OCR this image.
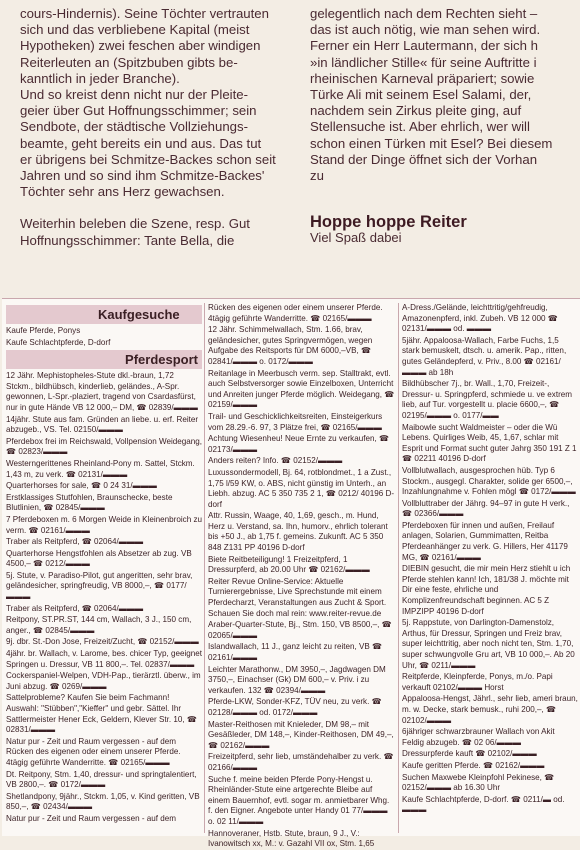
cours-Hindernis). Seine Töchter vertrauten

sich und das verbliebene Kapital (meist

Hypotheken) zwei feschen aber windigen

Reiterleuten an (Spitzbuben gibts be-

kanntlich in jeder Branche).

Und so kreist denn nicht nur der Pleite-

geier über Gut Hoffnungsschimmer; sein

Sendbote, der städtische Vollziehungs-

beamte, geht bereits ein und aus. Das tut

er übrigens bei Schmitze-Backes schon seit

Jahren und so sind ihm Schmitze-Backes'

Töchter sehr ans Herz gewachsen.

Weiterhin beleben die Szene, resp. Gut

Hoffnungsschimmer: Tante Bella, die

gelegentlich nach dem Rechten sieht –

das ist auch nötig, wie man sehen wird.

Ferner ein Herr Lautermann, der sich h

»in ländlicher Stille« für seine Auftritte i

rheinischen Karneval präpariert; sowie

Türke Ali mit seinem Esel Salami, der,

nachdem sein Zirkus pleite ging, auf

Stellensuche ist. Aber ehrlich, wer will

schon einen Türken mit Esel? Bei diesem

Stand der Dinge öffnet sich der Vorhan

zu

Hoppe hoppe Reiter

Viel Spaß dabei

Kaufgesuche
Kaufe Pferde, Ponys
Kaufe Schlachtpferde, D-dorf
Pferdesport
12 Jähr. Mephistopheles-Stute dkl.-braun, 1,72 Stckm., bildhübsch, kinderlieb, geländes., A-Spr. gewonnen, L-Spr.-plaziert, tragend von Csardasfürst, nur in gute Hände VB 12 000,– DM, ☎ 02839/▬▬▬
14jähr. Stute aus fam. Gründen an liebe. u. erf. Reiter abzugeb., VS. Tel. 02150/▬▬▬
Pferdebox frei im Reichswald, Vollpension Weidegang, ☎ 02823/▬▬▬
Westerngerittenes Rheinland-Pony m. Sattel, Stckm. 1,43 m, zu verk. ☎ 02131/▬▬▬
Quarterhorses for sale, ☎ 0 24 31/▬▬▬
Erstklassiges Stutfohlen, Braunschecke, beste Blutlinien, ☎ 02845/▬▬▬
7 Pferdeboxen m. 6 Morgen Weide in Kleinenbroich zu verm. ☎ 02161/▬▬▬
Traber als Reitpferd, ☎ 02064/▬▬▬
Quarterhorse Hengstfohlen als Absetzer ab zug. VB 4500,– ☎ 0212/▬▬▬
5j. Stute, v. Paradiso-Pilot, gut angeritten, sehr brav, geländesicher, springfreudig, VB 8000,–, ☎ 0177/▬▬▬
Traber als Reitpferd, ☎ 02064/▬▬▬
Reitpony, ST.PR.ST, 144 cm, Wallach, 3 J., 150 cm, anger., ☎ 02845/▬▬▬
9j. dbr. St.-Don Jose, Freizeit/Zucht, ☎ 02152/▬▬▬
4jähr. br. Wallach, v. Larome, bes. chicer Typ, geeignet Springen u. Dressur, VB 11 800,–. Tel. 02837/▬▬▬
Cockerspaniel-Welpen, VDH-Pap., tierärztl. überw., im Juni abzug. ☎ 0269/▬▬▬
Sattelprobleme? Kaufen Sie beim Fachmann! Auswahl: "Stübben","Kieffer" und gebr. Sättel. Ihr Sattlermeister Hener Eck, Geldern, Klever Str. 10, ☎ 02831/▬▬▬
Natur pur - Zeit und Raum vergessen - auf dem Rücken des eigenen oder einem unserer Pferde. 4tägig geführte Wanderritte. ☎ 02165/▬▬▬
Dt. Reitpony, Stm. 1,40, dressur- und springtalentiert, VB 2800,–. ☎ 0172/▬▬▬
Shetlandpony, 9jähr., Stckm. 1,05, v. Kind geritten, VB 850,–, ☎ 02434/▬▬▬
Natur pur - Zeit und Raum vergessen - auf dem
Rücken des eigenen oder einem unserer Pferde. 4tägig geführte Wanderritte. ☎ 02165/▬▬▬
12 Jähr. Schimmelwallach, Stm. 1.66, brav, geländesicher, gutes Springvermögen, wegen Aufgabe des Reitsports für DM 6000,–VB, ☎ 02841/▬▬▬ o. 0172/▬▬▬
Reitanlage in Meerbusch verm. sep. Stalltrakt, evtl. auch Selbstversorger sowie Einzelboxen, Unterricht und Anreiten junger Pferde möglich. Weidegang, ☎ 02159/▬▬▬
Trail- und Geschicklichkeitsreiten, Einsteigerkurs vom 28.29.-6. 97, 3 Plätze frei, ☎ 02165/▬▬▬
Achtung Wiesenheu! Neue Ernte zu verkaufen, ☎ 02173/▬▬▬
Anders reiten? Info. ☎ 02152/▬▬▬
Luxussondermodell, Bj. 64, rotblondmet., 1 a Zust., 1,75 l/59 KW, o. ABS, nicht günstig im Unterh., an Liebh. abzug. AC 5 350 735 2 1, ☎ 0212/ 40196 D-dorf
Attr. Russin, Waage, 40, 1,69, gesch., m. Hund, Herz u. Verstand, sa. Ihn, humorv., ehrlich tolerant bis +50 J., ab 1,75 f. gemeins. Zukunft. AC 5 350 848 Z131 PP 40196 D-dorf
Biete Reitbeteiligung! 1 Freizeitpferd, 1 Dressurpferd, ab 20.00 Uhr ☎ 02162/▬▬▬
Reiter Revue Online-Service: Aktuelle Turnierergebnisse, Live Sprechstunde mit einem Pferdecharzt, Veranstaltungen aus Zucht & Sport. Schauen Sie doch mal rein: www.reiter-revue.de
Araber-Quarter-Stute, Bj., Stm. 150, VB 8500,–, ☎ 02065/▬▬▬
Islandwallach, 11 J., ganz leicht zu reiten, VB ☎ 02161/▬▬▬
Leichter Marathonw., DM 3950,–, Jagdwagen DM 3750,–, Einachser (Gk) DM 600,– v. Priv. i zu verkaufen. 132 ☎ 02394/▬▬▬
Pferde-LKW, Sonder-KFZ, TÜV neu, zu verk. ☎ 02128/▬▬▬ od. 0172/▬▬▬
Master-Reithosen mit Knieleder, DM 98,– mit Gesäßleder, DM 148,–, Kinder-Reithosen, DM 49,–, ☎ 02162/▬▬▬
Freizeitpferd, sehr lieb, umständehalber zu verk. ☎ 02166/▬▬▬
Suche f. meine beiden Pferde Pony-Hengst u. Rheinländer-Stute eine artgerechte Bleibe auf einem Bauernhof, evtl. sogar m. anmietbarer Whg. f. den Eigner. Angebote unter Handy 01 77/▬▬▬ o. 02 11/▬▬▬
Hannoveraner, Hstb. Stute, braun, 9 J., V.: Ivanowitsch xx, M.: v. Gazahl VII ox, Stm. 1,65
A-Dress./Gelände, leichttritig/gehfreudig, Amazonenpferd, inkl. Zubeh. VB 12 000 ☎ 02131/▬▬▬ od. ▬▬▬
5jähr. Appaloosa-Wallach, Farbe Fuchs, 1,5 stark bemuskelt, dtsch. u. amerik. Pap., ritten, gutes Geländepferd, v. Priv., 8.00 ☎ 02161/▬▬▬ ab 18h
Bildhübscher 7j., br. Wall., 1,70, Freizeit-, Dressur- u. Springpferd, schmiede u. ve extrem lieb, auf Tur. vorgestellt u. placie 6600,–, ☎ 02195/▬▬▬ o. 0177/▬▬
Maibowle sucht Waldmeister – oder die Wü Lebens. Quirliges Weib, 45, 1,67, schlar mit Esprit und Format sucht guter Jahrg 350 191 Z 1 ☎ 02211 40196 D-dorf
Vollblutwallach, ausgesprochen hüb. Typ 6 Stockm., ausgegl. Charakter, solide ger 6500,–, Inzahlungnahme v. Fohlen mögl ☎ 0172/▬▬▬
Vollbluttraber der Jährg. 94–97 in gute H verk., ☎ 02366/▬▬▬
Pferdeboxen für innen und außen, Freilauf anlagen, Solarien, Gummimatten, Reitba Pferdeanhänger zu verk. G. Hillers, Her 41179 MG, ☎ 02161/▬▬▬
DIEBIN gesucht, die mir mein Herz stiehlt u ich Pferde stehlen kann! Ich, 181/38 J. möchte mit Dir eine feste, ehrliche und Komplizenfreundschaft beginnen. AC 5 Z IMPZIPP 40196 D-dorf
5j. Rappstute, von Darlington-Damenstolz, Arthus, für Dressur, Springen und Freiz brav, super leichttritig, aber noch nicht ten, Stm. 1,70, super schwungvolle Gru art, VB 10 000,–. Ab 20 Uhr, ☎ 0211/▬▬▬
Reitpferde, Kleinpferde, Ponys, m./o. Papi verkauft 02102/▬▬▬ Horst
Appaloosa-Hengst, Jährl., sehr lieb, ameri braun, m. w. Decke, stark bemusk., ruhi 200,–, ☎ 02102/▬▬▬
6jähriger schwarzbrauner Wallach von Akit Feldig abzugeb. ☎ 02 06/▬▬▬
Dressurpferde kauft ☎ 02102/▬▬▬
Kaufe geritten Pferde. ☎ 02162/▬▬▬
Suchen Maxwebe Kleinpfohl Pekinese, ☎ 02152/▬▬▬ ab 16.30 Uhr
Kaufe Schlachtpferde, D-dorf. ☎ 0211/▬ od. ▬▬▬
